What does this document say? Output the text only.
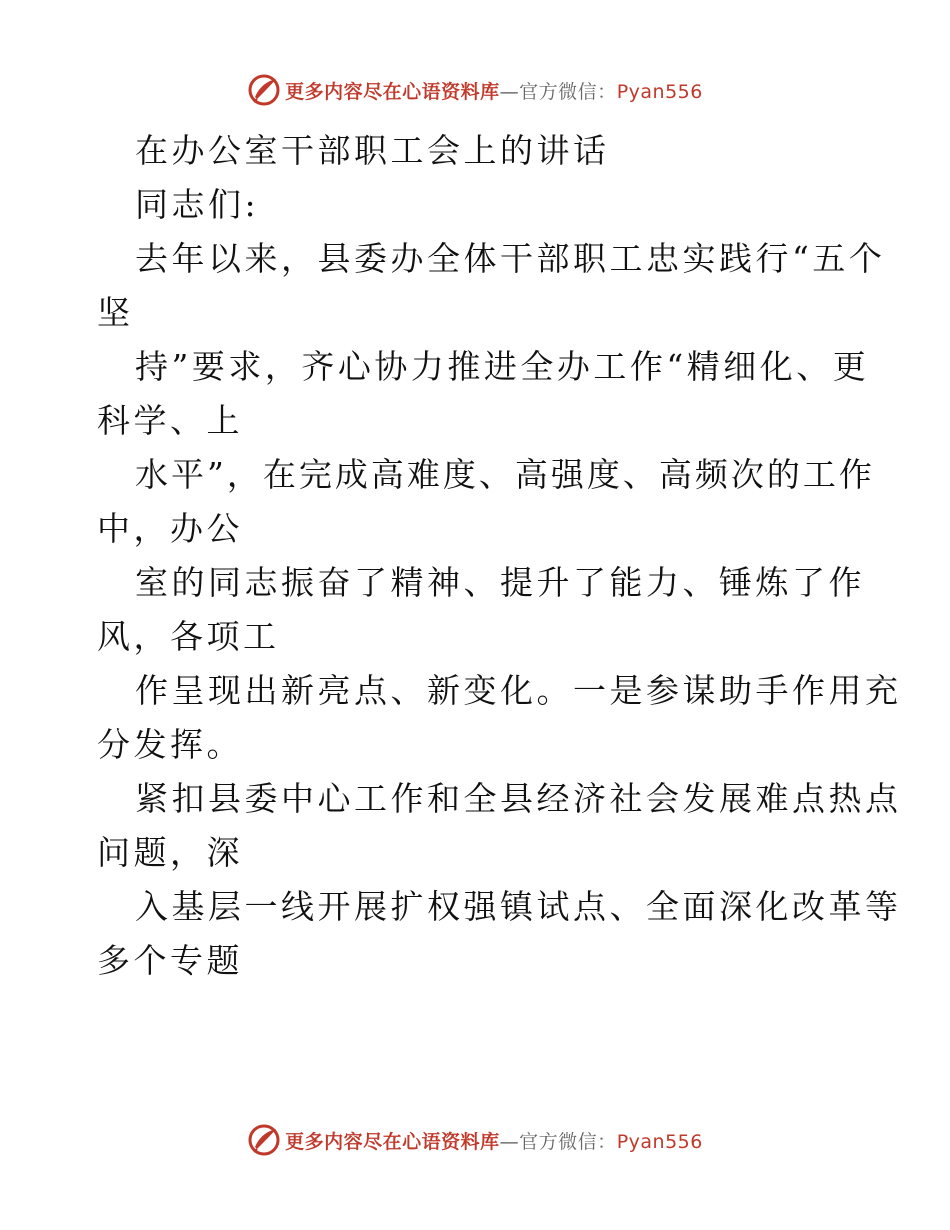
更多内容尽在心语资料库—官方微信：Pyan556
在办公室干部职工会上的讲话
同志们:
去年以来，县委办全体干部职工忠实践行“五个
坚
持”要求，齐心协力推进全办工作“精细化、更
科学、上
水平”，在完成高难度、高强度、高频次的工作
中，办公
室的同志振奋了精神、提升了能力、锤炼了作
风，各项工
作呈现出新亮点、新变化。一是参谋助手作用充
分发挥。
紧扣县委中心工作和全县经济社会发展难点热点
问题，深
入基层一线开展扩权强镇试点、全面深化改革等
多个专题
更多内容尽在心语资料库—官方微信：Pyan556
